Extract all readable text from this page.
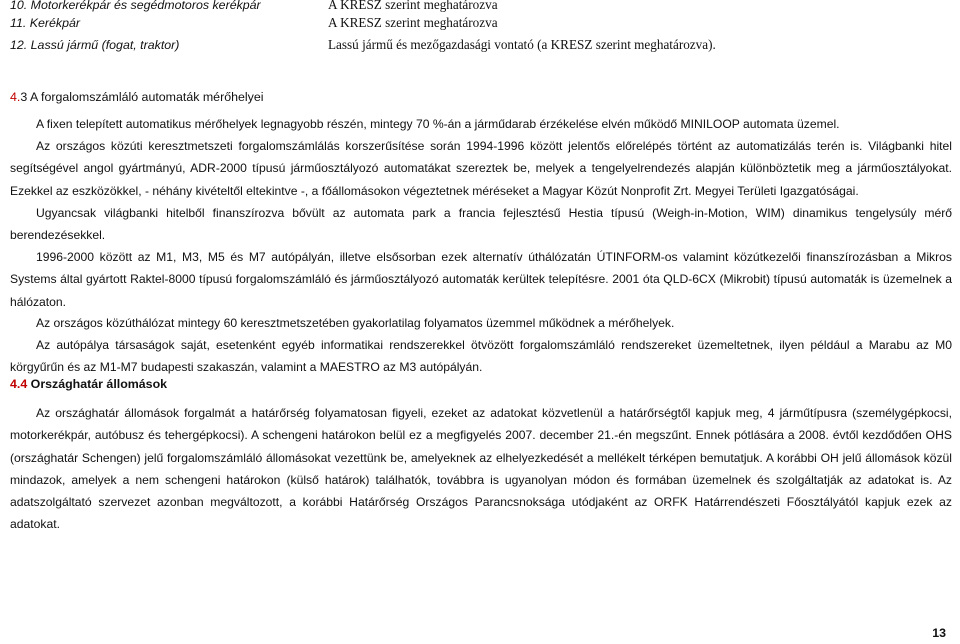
10. Motorkerékpár és segédmotoros kerékpár	A KRESZ szerint meghatározva
11. Kerékpár	A KRESZ szerint meghatározva
12. Lassú jármű (fogat, traktor)	Lassú jármű és mezőgazdasági vontató (a KRESZ szerint meghatározva).
4.3 A forgalomszámláló automaták mérőhelyei

A fixen telepített automatikus mérőhelyek legnagyobb részén, mintegy 70 %-án a járműdarab érzékelése elvén működő MINILOOP automata üzemel.

Az országos közúti keresztmetszeti forgalomszámlálás korszerűsítése során 1994-1996 között jelentős előrelépés történt az automatizálás terén is. Világbanki hitel segítségével angol gyártmányú, ADR-2000 típusú járműosztályozó automatákat szereztek be, melyek a tengelyelrendezés alapján különböztetik meg a járműosztályokat. Ezekkel az eszközökkel, - néhány kivételtől eltekintve -, a főállomásokon végeztetnek méréseket a Magyar Közút Nonprofit Zrt. Megyei Területi Igazgatóságai.

Ugyancsak világbanki hitelből finanszírozva bővült az automata park a francia fejlesztésű Hestia típusú (Weigh-in-Motion, WIM) dinamikus tengelysúly mérő berendezésekkel.

1996-2000 között az M1, M3, M5 és M7 autópályán, illetve elsősorban ezek alternatív úthálózatán ÚTINFORM-os valamint közútkezelői finanszírozásban a Mikros Systems által gyártott Raktel-8000 típusú forgalomszámláló és járműosztályozó automaták kerültek telepítésre. 2001 óta QLD-6CX (Mikrobit) típusú automaták is üzemelnek a hálózaton.

Az országos közúthálózat mintegy 60 keresztmetszetében gyakorlatilag folyamatos üzemmel működnek a mérőhelyek.

Az autópálya társaságok saját, esetenként egyéb informatikai rendszerekkel ötvözött forgalomszámláló rendszereket üzemeltetnek, ilyen például a Marabu az M0 körgyűrűn és az M1-M7 budapesti szakaszán, valamint a MAESTRO az M3 autópályán.

4.4 Országhatár állomások

Az országhatár állomások forgalmát a határőrség folyamatosan figyeli, ezeket az adatokat közvetlenül a határőrségtől kapjuk meg, 4 járműtípusra (személygépkocsi, motorkerékpár, autóbusz és tehergépkocsi). A schengeni határokon belül ez a megfigyelés 2007. december 21.-én megszűnt. Ennek pótlására a 2008. évtől kezdődően OHS (országhatár Schengen) jelű forgalomszámláló állomásokat vezettünk be, amelyeknek az elhelyezkedését a mellékelt térképen bemutatjuk. A korábbi OH jelű állomások közül mindazok, amelyek a nem schengeni határokon (külső határok) találhatók, továbbra is ugyanolyan módon és formában üzemelnek és szolgáltatják az adatokat is. Az adatszolgáltató szervezet azonban megváltozott, a korábbi Határőrség Országos Parancsnoksága utódjaként az ORFK Határrendészeti Főosztályától kapjuk ezek az adatokat.

13
